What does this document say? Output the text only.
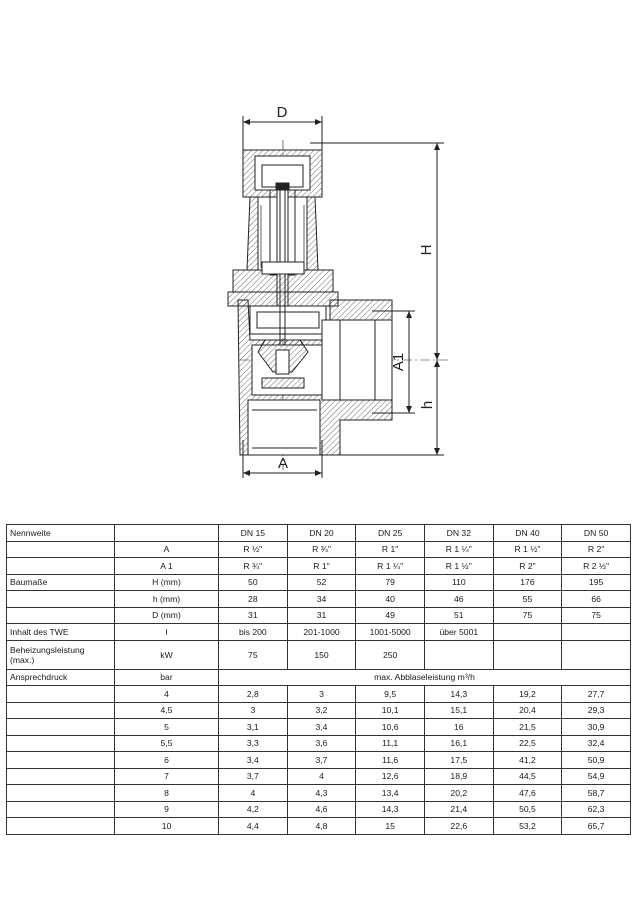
D
H
A1
h
A
Nennweite		DN 15	DN 20	DN 25	DN 32	DN 40	DN 50
	A	R ½"	R ¾"	R 1"	R 1 ¼"	R 1 ½"	R 2"
	A 1	R ¾"	R 1"	R 1 ¼"	R 1 ½"	R 2"	R 2 ½"
Baumaße	H (mm)	50	52	79	110	176	195
	h (mm)	28	34	40	46	55	66
	D (mm)	31	31	49	51	75	75
Inhalt des TWE	l	bis 200	201-1000	1001-5000	über 5001		
Beheizungsleistung (max.)	kW	75	150	250			
Ansprechdruck	bar	max. Abblaseleistung m³/h					
	4	2,8	3	9,5	14,3	19,2	27,7
	4,5	3	3,2	10,1	15,1	20,4	29,3
	5	3,1	3,4	10,6	16	21,5	30,9
	5,5	3,3	3,6	11,1	16,1	22,5	32,4
	6	3,4	3,7	11,6	17,5	41,2	50,9
	7	3,7	4	12,6	18,9	44,5	54,9
	8	4	4,3	13,4	20,2	47,6	58,7
	9	4,2	4,6	14,3	21,4	50,5	62,3
	10	4,4	4,8	15	22,6	53,2	65,7
